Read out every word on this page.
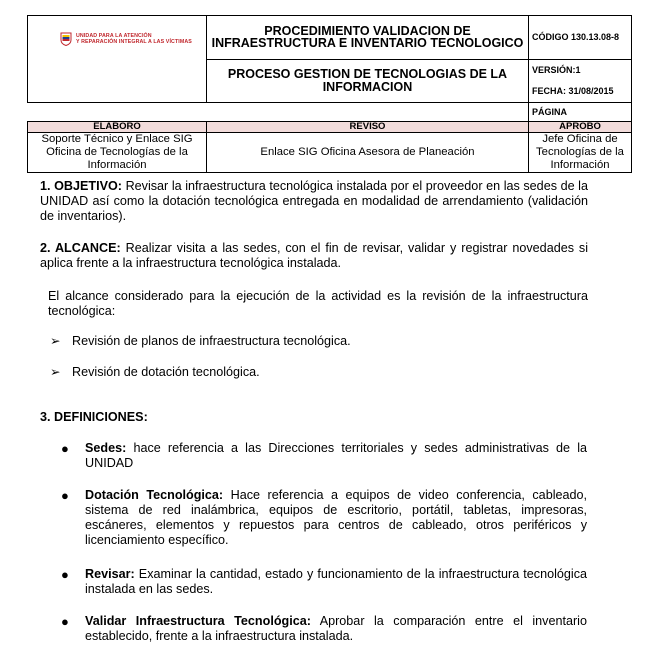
UNIDAD PARA LA ATENCIÓN
Y REPARACIÓN INTEGRAL A LAS VÍCTIMAS	PROCEDIMIENTO VALIDACION DE INFRAESTRUCTURA E INVENTARIO TECNOLOGICO	CÓDIGO 130.13.08-8
	PROCESO GESTION DE TECNOLOGIAS DE LA INFORMACION	VERSIÓN:1
FECHA: 31/08/2015

		PÁGINA
ELABORO	REVISO	APROBO
Soporte Técnico y Enlace SIG Oficina de Tecnologías de la Información	Enlace SIG Oficina Asesora de Planeación	Jefe Oficina de Tecnologías de la Información
1. OBJETIVO: Revisar la infraestructura tecnológica instalada por el proveedor en las sedes de la UNIDAD así como la dotación tecnológica entregada en modalidad de arrendamiento (validación de inventarios).
2. ALCANCE: Realizar visita a las sedes, con el fin de revisar, validar y registrar novedades si aplica frente a la infraestructura tecnológica instalada.
El alcance considerado para la ejecución de la actividad es la revisión de la infraestructura tecnológica:
➢ Revisión de planos de infraestructura tecnológica.
➢ Revisión de dotación tecnológica.
3. DEFINICIONES:
● Sedes: hace referencia a las Direcciones territoriales y sedes administrativas de la UNIDAD
● Dotación Tecnológica: Hace referencia a equipos de video conferencia, cableado, sistema de red inalámbrica, equipos de escritorio, portátil, tabletas, impresoras, escáneres, elementos y repuestos para centros de cableado, otros periféricos y licenciamiento específico.
● Revisar: Examinar la cantidad, estado y funcionamiento de la infraestructura tecnológica instalada en las sedes.
● Validar Infraestructura Tecnológica: Aprobar la comparación entre el inventario establecido, frente a la infraestructura instalada.
